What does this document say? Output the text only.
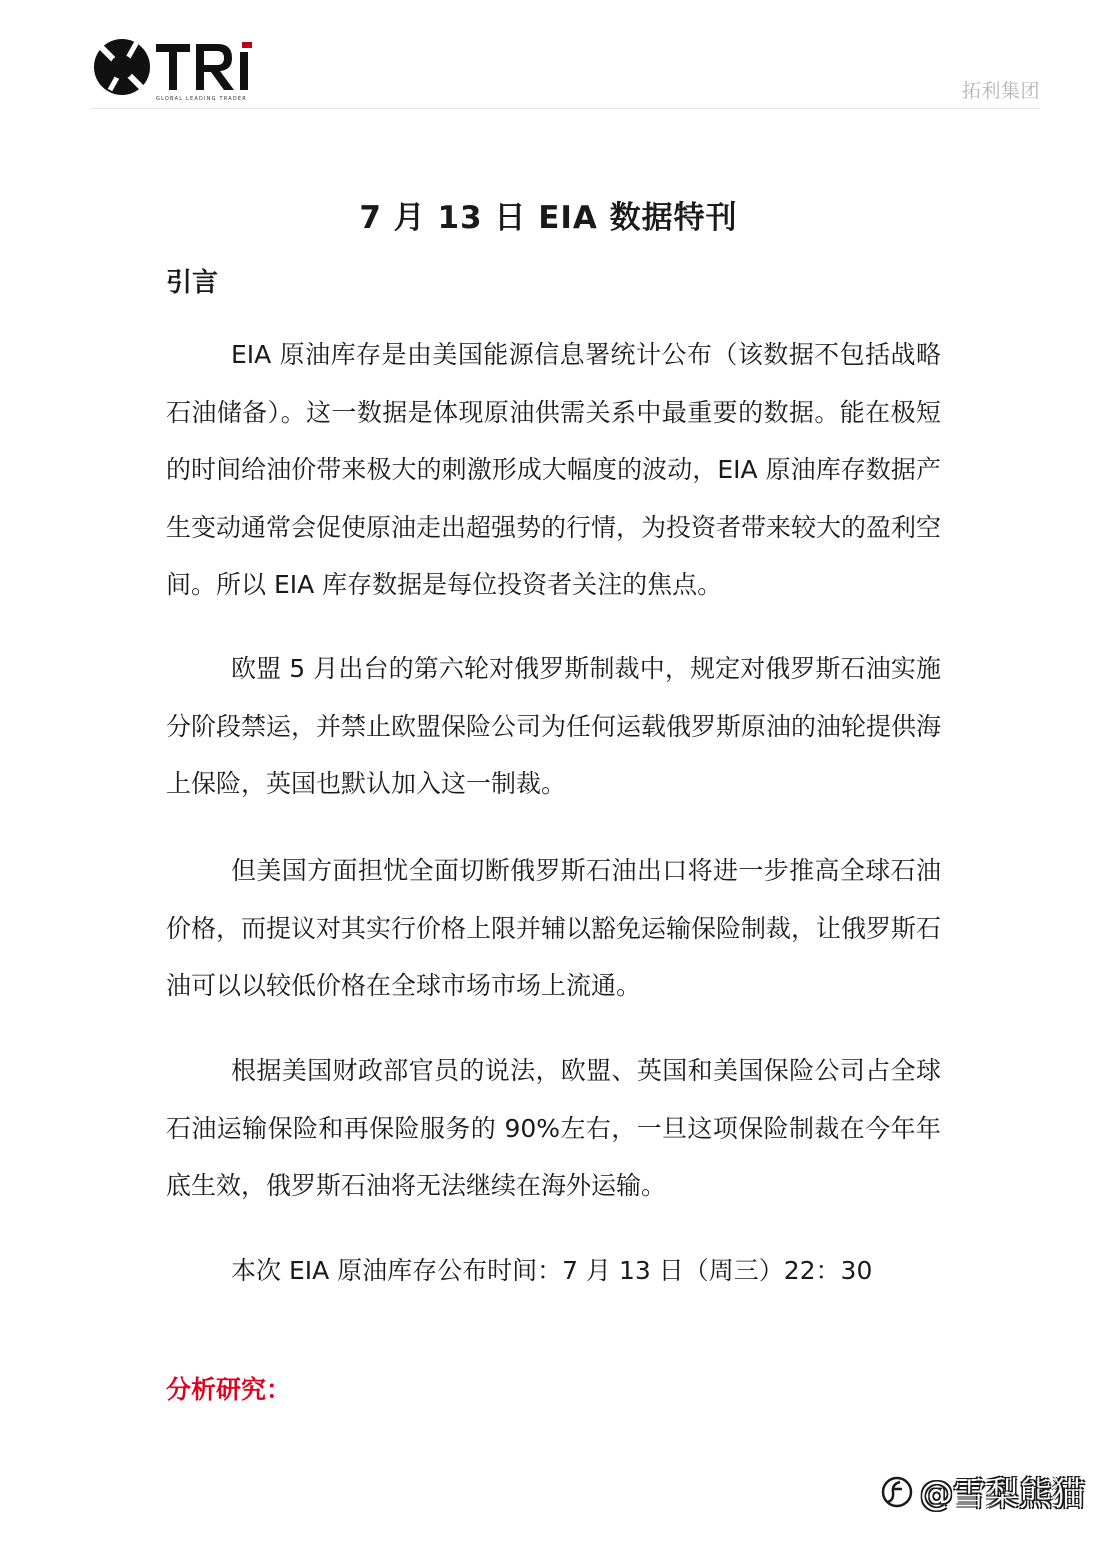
GLOBAL LEADING TRADER	拓利集团
7 月 13 日 EIA 数据特刊
引言

EIA 原油库存是由美国能源信息署统计公布（该数据不包括战略石油储备）。这一数据是体现原油供需关系中最重要的数据。能在极短的时间给油价带来极大的刺激形成大幅度的波动，EIA 原油库存数据产生变动通常会促使原油走出超强势的行情，为投资者带来较大的盈利空间。所以 EIA 库存数据是每位投资者关注的焦点。

欧盟 5 月出台的第六轮对俄罗斯制裁中，规定对俄罗斯石油实施分阶段禁运，并禁止欧盟保险公司为任何运载俄罗斯原油的油轮提供海上保险，英国也默认加入这一制裁。

但美国方面担忧全面切断俄罗斯石油出口将进一步推高全球石油价格，而提议对其实行价格上限并辅以豁免运输保险制裁，让俄罗斯石油可以以较低价格在全球市场市场上流通。

根据美国财政部官员的说法，欧盟、英国和美国保险公司占全球石油运输保险和再保险服务的 90%左右，一旦这项保险制裁在今年年底生效，俄罗斯石油将无法继续在海外运输。

本次 EIA 原油库存公布时间：7 月 13 日（周三）22：30

分析研究：
@雪梨熊猫
